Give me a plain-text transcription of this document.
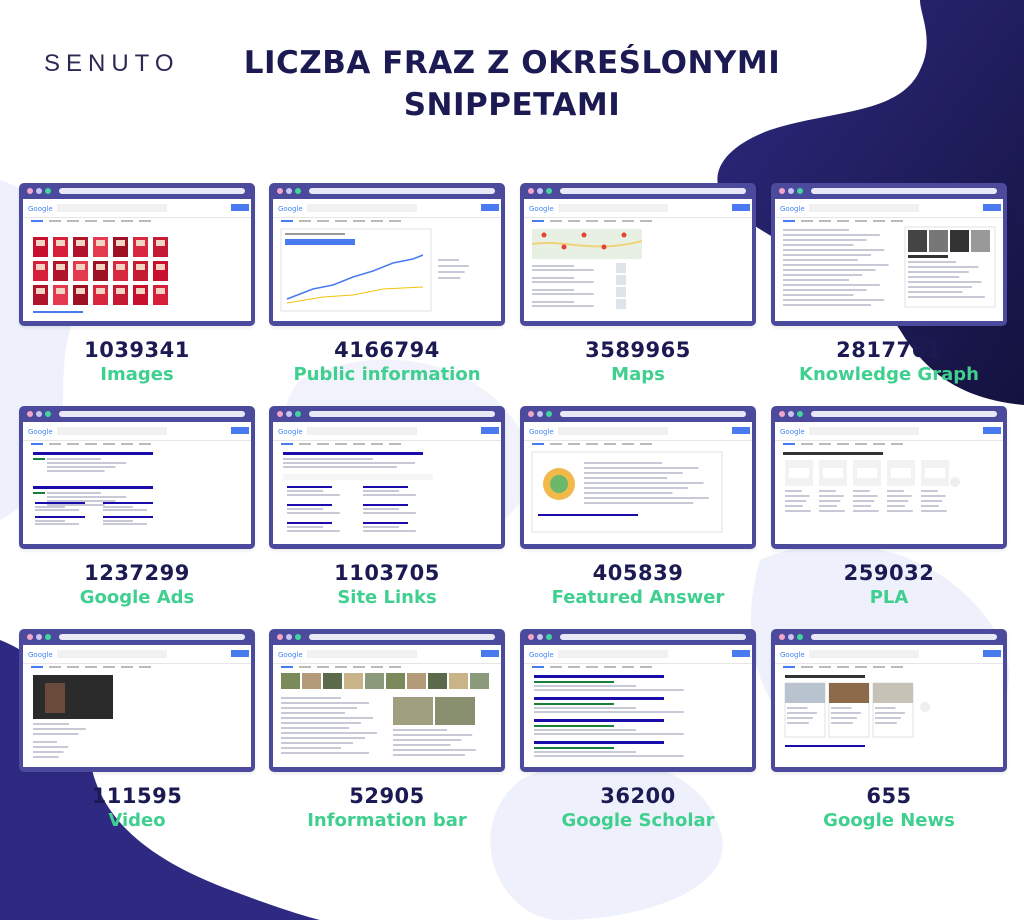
SENUTO	LICZBA FRAZ Z OKREŚLONYMI
SNIPPETAMI
Google
1039341
Images
Google
4166794
Public information
Google
3589965
Maps
Google
2817761
Knowledge Graph
Google
1237299
Google Ads
Google
1103705
Site Links
Google
405839
Featured Answer
Google
259032
PLA
Google
111595
Video
Google
52905
Information bar
Google
36200
Google Scholar
Google
655
Google News
